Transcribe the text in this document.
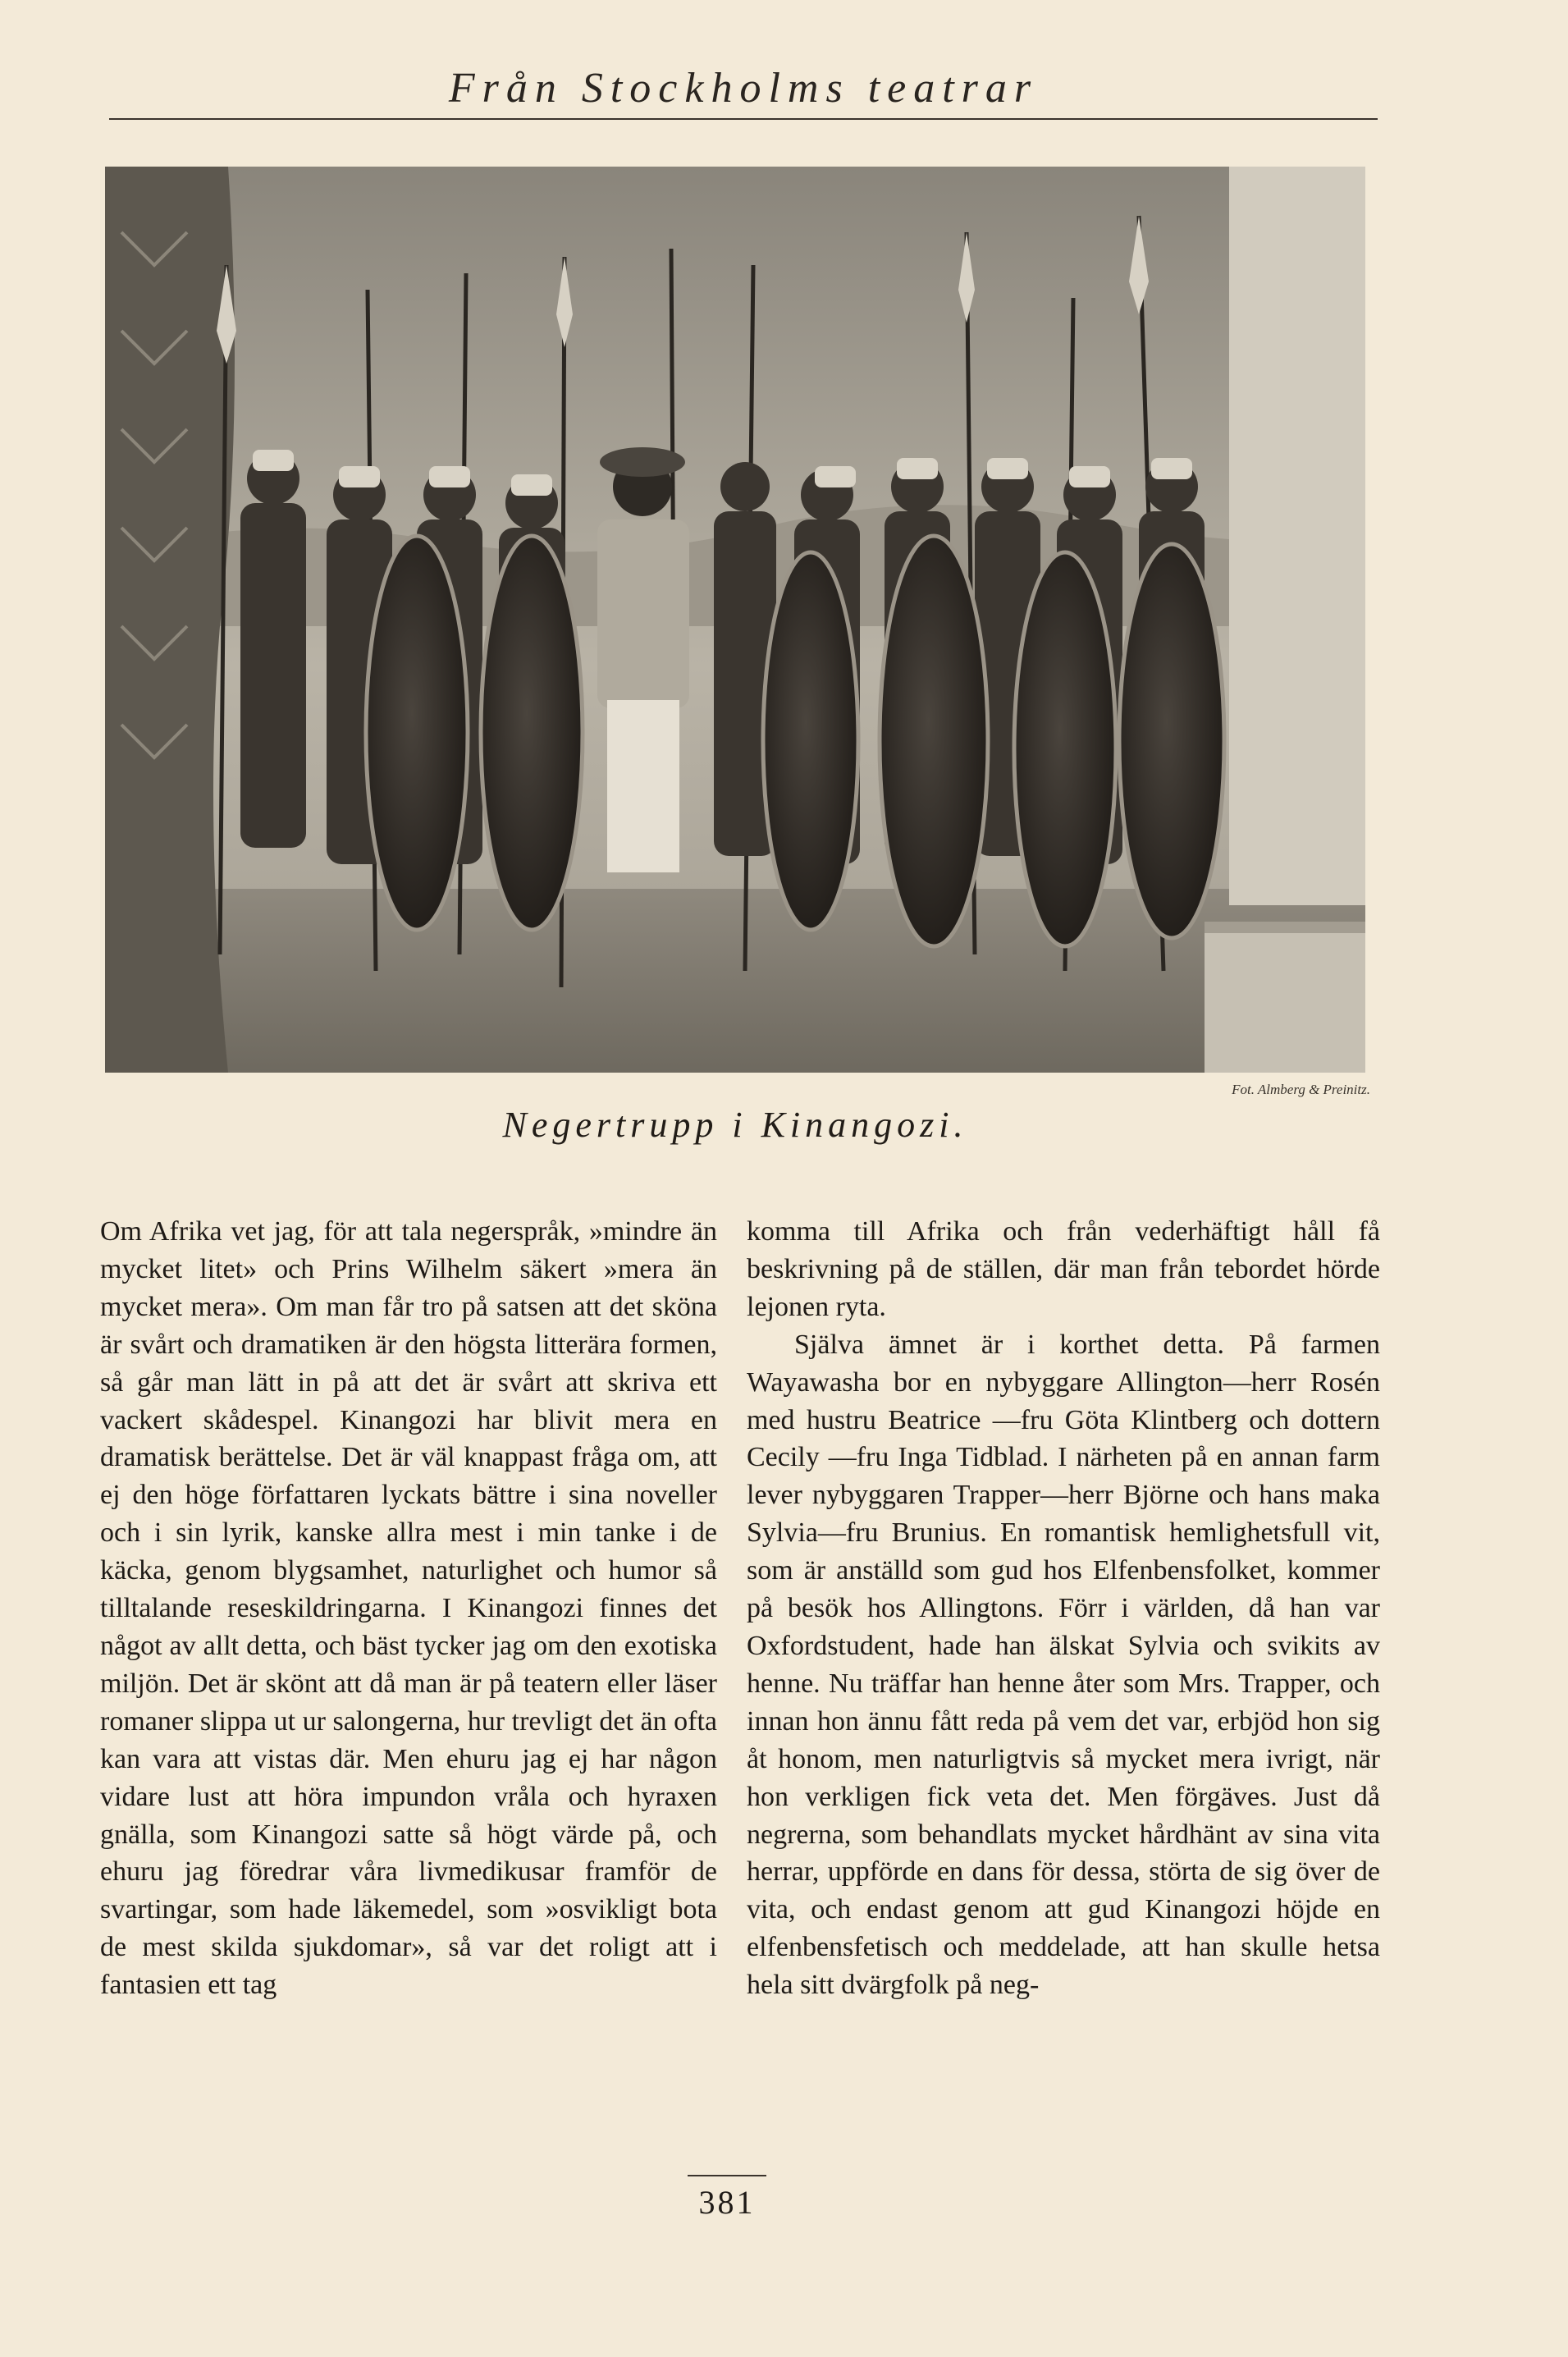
Från Stockholms teatrar
Fot. Almberg & Preinitz.
Negertrupp i Kinangozi.

Om Afrika vet jag, för att tala negerspråk, »mindre än mycket litet» och Prins Wilhelm säkert »mera än mycket mera». Om man får tro på satsen att det sköna är svårt och dramatiken är den högsta litterära formen, så går man lätt in på att det är svårt att skriva ett vackert skådespel. Kinangozi har blivit mera en dramatisk berättelse. Det är väl knappast fråga om, att ej den höge författaren lyckats bättre i sina noveller och i sin lyrik, kanske allra mest i min tanke i de käcka, genom blygsamhet, naturlighet och humor så tilltalande reseskildringarna. I Kinangozi finnes det något av allt detta, och bäst tycker jag om den exotiska miljön. Det är skönt att då man är på teatern eller läser romaner slippa ut ur salongerna, hur trevligt det än ofta kan vara att vistas där. Men ehuru jag ej har någon vidare lust att höra impundon vråla och hyraxen gnälla, som Kinangozi satte så högt värde på, och ehuru jag föredrar våra livmedikusar framför de svartingar, som hade läkemedel, som »osvikligt bota de mest skilda sjukdomar», så var det roligt att i fantasien ett tag

komma till Afrika och från vederhäftigt håll få beskrivning på de ställen, där man från tebordet hörde lejonen ryta.

Själva ämnet är i korthet detta. På farmen Wayawasha bor en nybyggare Allington—herr Rosén med hustru Beatrice —fru Göta Klintberg och dottern Cecily —fru Inga Tidblad. I närheten på en annan farm lever nybyggaren Trapper—herr Björne och hans maka Sylvia—fru Brunius. En romantisk hemlighetsfull vit, som är anställd som gud hos Elfenbensfolket, kommer på besök hos Allingtons. Förr i världen, då han var Oxfordstudent, hade han älskat Sylvia och svikits av henne. Nu träffar han henne åter som Mrs. Trapper, och innan hon ännu fått reda på vem det var, erbjöd hon sig åt honom, men naturligtvis så mycket mera ivrigt, när hon verkligen fick veta det. Men förgäves. Just då negrerna, som behandlats mycket hårdhänt av sina vita herrar, uppförde en dans för dessa, störta de sig över de vita, och endast genom att gud Kinangozi höjde en elfenbensfetisch och meddelade, att han skulle hetsa hela sitt dvärgfolk på neg-

381
